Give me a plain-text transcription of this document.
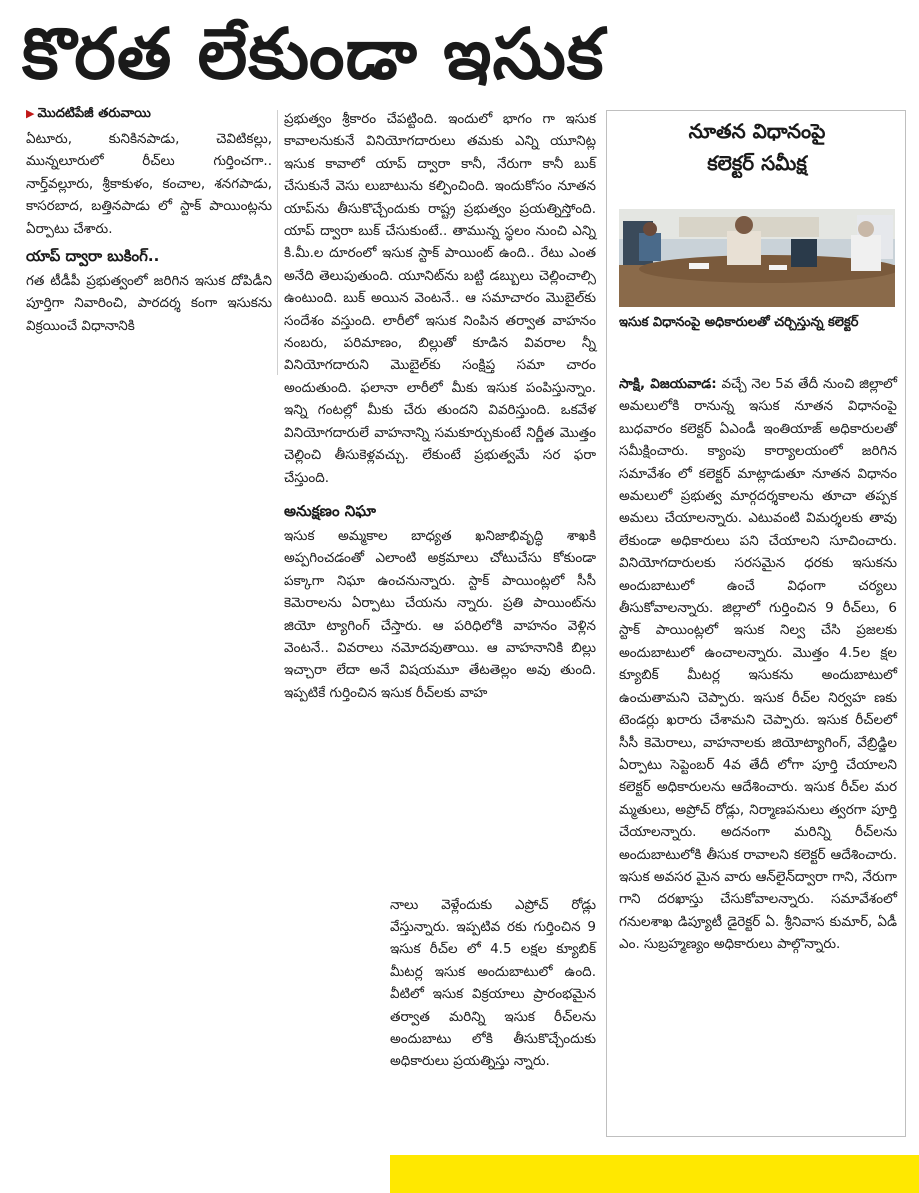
కొరత లేకుండా ఇసుక
▶ మొదటిపేజీ తరువాయి

ఏటూరు, కునికినపాడు, చెవిటికల్లు, మున్నలూరులో రీచ్‌లు గుర్తించగా.. నార్త్‌వల్లూరు, శ్రీకాకుళం, కంచాల, శనగపాడు, కాసరబాద, బత్తినపాడు లో స్టాక్ పాయింట్లను ఏర్పాటు చేశారు.

యాప్ ద్వారా బుకింగ్..

గత టీడీపీ ప్రభుత్వంలో జరిగిన ఇసుక దోపిడీని పూర్తిగా నివారించి, పారదర్శ కంగా ఇసుకను విక్రయించే విధానానికి

ప్రభుత్వం శ్రీకారం చేపట్టింది. ఇందులో భాగం గా ఇసుక కావాలనుకునే వినియోగదారులు తమకు ఎన్ని యూనిట్ల ఇసుక కావాలో యాప్ ద్వారా కానీ, నేరుగా కానీ బుక్ చేసుకునే వెసు లుబాటును కల్పించింది. ఇందుకోసం నూతన యాప్‌ను తీసుకొచ్చేందుకు రాష్ట్ర ప్రభుత్వం ప్రయత్నిస్తోంది. యాప్ ద్వారా బుక్ చేసుకుంటే.. తామున్న స్థలం నుంచి ఎన్ని కి.మీ.ల దూరంలో ఇసుక స్టాక్ పాయింట్ ఉంది.. రేటు ఎంత అనేది తెలుపుతుంది. యూనిట్‌ను బట్టి డబ్బులు చెల్లించాల్సి ఉంటుంది. బుక్ అయిన వెంటనే.. ఆ సమాచారం మొబైల్‌కు సందేశం వస్తుంది. లారీలో ఇసుక నింపిన తర్వాత వాహనం నంబరు, పరిమాణం, బిల్లుతో కూడిన వివరాల న్నీ వినియోగదారుని మొబైల్‌కు సంక్షిప్త సమా చారం అందుతుంది. ఫలానా లారీలో మీకు ఇసుక పంపిస్తున్నాం. ఇన్ని గంటల్లో మీకు చేరు తుందని వివరిస్తుంది. ఒకవేళ వినియోగదారులే వాహనాన్ని సమకూర్చుకుంటే నిర్ణీత మొత్తం చెల్లించి తీసుకెళ్లవచ్చు. లేకుంటే ప్రభుత్వమే సర ఫరా చేస్తుంది.

అనుక్షణం నిఘా

ఇసుక అమ్మకాల బాధ్యత ఖనిజాభివృద్ధి శాఖకి అప్పగించడంతో ఎలాంటి అక్రమాలు చోటుచేసు కోకుండా పక్కాగా నిఘా ఉంచనున్నారు. స్టాక్ పాయింట్లలో సీసీ కెమెరాలను ఏర్పాటు చేయను న్నారు. ప్రతి పాయింట్‌ను జియో ట్యాగింగ్ చేస్తారు. ఆ పరిధిలోకి వాహనం వెళ్లిన వెంటనే.. వివరాలు నమోదవుతాయి. ఆ వాహనానికి బిల్లు ఇచ్చారా లేదా అనే విషయమూ తేటతెల్లం అవు తుంది. ఇప్పటికే గుర్తించిన ఇసుక రీచ్‌లకు వాహ

నాలు వెళ్లేందుకు ఎప్రోచ్ రోడ్లు వేస్తున్నారు. ఇప్పటివ రకు గుర్తించిన 9 ఇసుక రీచ్‌ల లో 4.5 లక్షల క్యూబిక్ మీటర్ల ఇసుక అందుబాటులో ఉంది. వీటిలో ఇసుక విక్రయాలు ప్రారంభమైన తర్వాత మరిన్ని ఇసుక రీచ్‌లను అందుబాటు లోకి తీసుకొచ్చేందుకు అధికారులు ప్రయత్నిస్తు న్నారు.

నూతన విధానంపై
కలెక్టర్ సమీక్ష
ఇసుక విధానంపై అధికారులతో చర్చిస్తున్న కలెక్టర్
సాక్షి, విజయవాడ: వచ్చే నెల 5వ తేదీ నుంచి జిల్లాలో అమలులోకి రానున్న ఇసుక నూతన విధానంపై బుధవారం కలెక్టర్ ఏఎండీ ఇంతియాజ్ అధికారులతో సమీక్షించారు. క్యాంపు కార్యాలయంలో జరిగిన సమావేశం లో కలెక్టర్ మాట్లాడుతూ నూతన విధానం అమలులో ప్రభుత్వ మార్గదర్శకాలను తూచా తప్పక అమలు చేయాలన్నారు. ఎటువంటి విమర్శలకు తావు లేకుండా అధికారులు పని చేయాలని సూచించారు. వినియోగదారులకు సరసమైన ధరకు ఇసుకను అందుబాటులో ఉంచే విధంగా చర్యలు తీసుకోవాలన్నారు. జిల్లాలో గుర్తించిన 9 రీచ్‌లు, 6 స్టాక్ పాయింట్లలో ఇసుక నిల్వ చేసి ప్రజలకు అందుబాటులో ఉంచాలన్నారు. మొత్తం 4.5ల క్షల క్యూబిక్ మీటర్ల ఇసుకను అందుబాటులో ఉంచుతామని చెప్పారు. ఇసుక రీచ్‌ల నిర్వహ ణకు టెండర్లు ఖరారు చేశామని చెప్పారు. ఇసుక రీచ్‌లలో సీసీ కెమెరాలు, వాహనాలకు జియోట్యాగింగ్, వేబ్రిడ్జిల ఏర్పాటు సెప్టెంబర్ 4వ తేదీ లోగా పూర్తి చేయాలని కలెక్టర్ అధికారులను ఆదేశించారు. ఇసుక రీచ్‌ల మర మ్మతులు, అప్రోచ్ రోడ్లు, నిర్మాణపనులు త్వరగా పూర్తి చేయాలన్నారు. అదనంగా మరిన్ని రీచ్‌లను అందుబాటులోకి తీసుక రావాలని కలెక్టర్ ఆదేశించారు. ఇసుక అవసర మైన వారు ఆన్‌లైన్‌ద్వారా గాని, నేరుగా గాని దరఖాస్తు చేసుకోవాలన్నారు. సమావేశంలో గనులశాఖ డిప్యూటీ డైరెక్టర్ ఏ. శ్రీనివాస కుమార్, ఏడీ ఎం. సుబ్రహ్మణ్యం అధికారులు పాల్గొన్నారు.
